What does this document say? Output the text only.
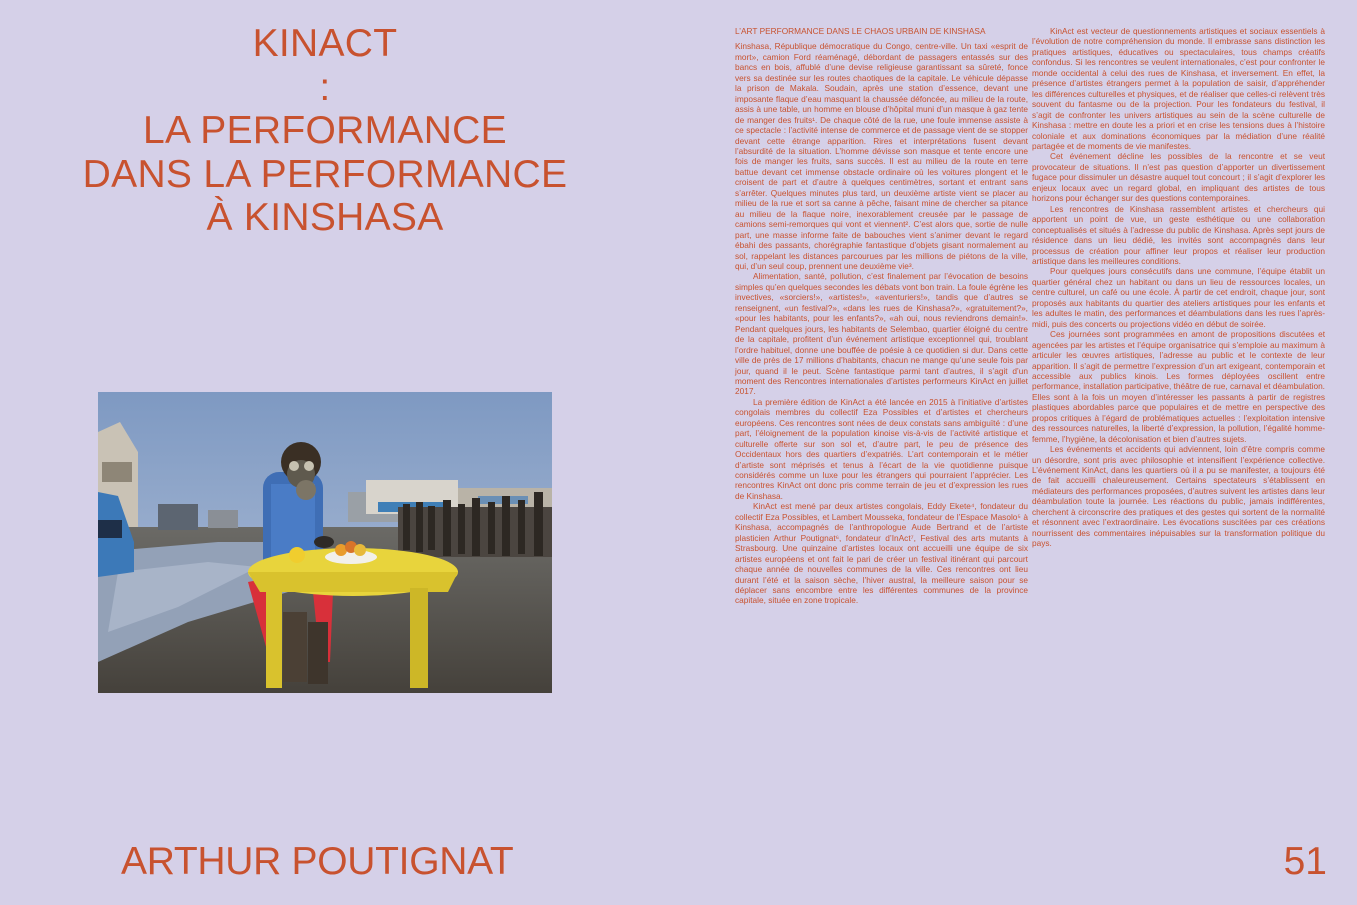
KINACT
:
LA PERFORMANCE
DANS LA PERFORMANCE
À KINSHASA
L’ART PERFORMANCE DANS LE CHAOS URBAIN DE KINSHASA

Kinshasa, République démocratique du Congo, centre-ville. Un taxi «esprit de mort», camion Ford réaménagé, débordant de passagers entassés sur des bancs en bois, affublé d’une devise religieuse garantissant sa sûreté, fonce vers sa destinée sur les routes chaotiques de la capitale. Le véhicule dépasse la prison de Makala. Soudain, après une station d’essence, devant une imposante flaque d’eau masquant la chaussée défoncée, au milieu de la route, assis à une table, un homme en blouse d’hôpital muni d’un masque à gaz tente de manger des fruits¹. De chaque côté de la rue, une foule immense assiste à ce spectacle : l’activité intense de commerce et de passage vient de se stopper devant cette étrange apparition. Rires et interprétations fusent devant l’absurdité de la situation. L’homme dévisse son masque et tente encore une fois de manger les fruits, sans succès. Il est au milieu de la route en terre battue devant cet immense obstacle ordinaire où les voitures plongent et le croisent de part et d’autre à quelques centimètres, sortant et entrant sans s’arrêter. Quelques minutes plus tard, un deuxième artiste vient se placer au milieu de la rue et sort sa canne à pêche, faisant mine de chercher sa pitance au milieu de la flaque noire, inexorablement creusée par le passage de camions semi-remorques qui vont et viennent². C’est alors que, sortie de nulle part, une masse informe faite de babouches vient s’animer devant le regard ébahi des passants, chorégraphie fantastique d’objets gisant normalement au sol, rappelant les distances parcourues par les millions de piétons de la ville, qui, d’un seul coup, prennent une deuxième vie³.

Alimentation, santé, pollution, c’est finalement par l’évocation de besoins simples qu’en quelques secondes les débats vont bon train. La foule égrène les invectives, «sorciers!», «artistes!», «aventuriers!», tandis que d’autres se renseignent, «un festival?», «dans les rues de Kinshasa?», «gratuitement?», «pour les habitants, pour les enfants?», «ah oui, nous reviendrons demain!». Pendant quelques jours, les habitants de Selembao, quartier éloigné du centre de la capitale, profitent d’un événement artistique exceptionnel qui, troublant l’ordre habituel, donne une bouffée de poésie à ce quotidien si dur. Dans cette ville de près de 17 millions d’habitants, chacun ne mange qu’une seule fois par jour, quand il le peut. Scène fantastique parmi tant d’autres, il s’agit d’un moment des Rencontres internationales d’artistes performeurs KinAct en juillet 2017.

La première édition de KinAct a été lancée en 2015 à l’initiative d’artistes congolais membres du collectif Eza Possibles et d’artistes et chercheurs européens. Ces rencontres sont nées de deux constats sans ambiguïté : d’une part, l’éloignement de la population kinoise vis-à-vis de l’activité artistique et culturelle offerte sur son sol et, d’autre part, le peu de présence des Occidentaux hors des quartiers d’expatriés. L’art contemporain et le métier d’artiste sont méprisés et tenus à l’écart de la vie quotidienne puisque considérés comme un luxe pour les étrangers qui pourraient l’apprécier. Les rencontres KinAct ont donc pris comme terrain de jeu et d’expression les rues de Kinshasa.

KinAct est mené par deux artistes congolais, Eddy Ekete⁴, fondateur du collectif Eza Possibles, et Lambert Mousseka, fondateur de l’Espace Masolo⁵ à Kinshasa, accompagnés de l’anthropologue Aude Bertrand et de l’artiste plasticien Arthur Poutignat⁶, fondateur d’InAct⁷, Festival des arts mutants à Strasbourg. Une quinzaine d’artistes locaux ont accueilli une équipe de six artistes européens et ont fait le pari de créer un festival itinérant qui parcourt chaque année de nouvelles communes de la ville. Ces rencontres ont lieu durant l’été et la saison sèche, l’hiver austral, la meilleure saison pour se déplacer sans encombre entre les différentes communes de la province capitale, située en zone tropicale.

KinAct est vecteur de questionnements artistiques et sociaux essentiels à l’évolution de notre compréhension du monde. Il embrasse sans distinction les pratiques artistiques, éducatives ou spectaculaires, tous champs créatifs confondus. Si les rencontres se veulent internationales, c’est pour confronter le monde occidental à celui des rues de Kinshasa, et inversement. En effet, la présence d’artistes étrangers permet à la population de saisir, d’appréhender les différences culturelles et physiques, et de réaliser que celles-ci relèvent très souvent du fantasme ou de la projection. Pour les fondateurs du festival, il s’agit de confronter les univers artistiques au sein de la scène culturelle de Kinshasa : mettre en doute les a priori et en crise les tensions dues à l’histoire coloniale et aux dominations économiques par la médiation d’une réalité partagée et de moments de vie manifestes.

Cet événement décline les possibles de la rencontre et se veut provocateur de situations. Il n’est pas question d’apporter un divertissement fugace pour dissimuler un désastre auquel tout concourt ; il s’agit d’explorer les enjeux locaux avec un regard global, en impliquant des artistes de tous horizons pour échanger sur des questions contemporaines.

Les rencontres de Kinshasa rassemblent artistes et chercheurs qui apportent un point de vue, un geste esthétique ou une collaboration conceptualisés et situés à l’adresse du public de Kinshasa. Après sept jours de résidence dans un lieu dédié, les invités sont accompagnés dans leur processus de création pour affiner leur propos et réaliser leur production artistique dans les meilleures conditions.

Pour quelques jours consécutifs dans une commune, l’équipe établit un quartier général chez un habitant ou dans un lieu de ressources locales, un centre culturel, un café ou une école. À partir de cet endroit, chaque jour, sont proposés aux habitants du quartier des ateliers artistiques pour les enfants et les adultes le matin, des performances et déambulations dans les rues l’après-midi, puis des concerts ou projections vidéo en début de soirée.

Ces journées sont programmées en amont de propositions discutées et agencées par les artistes et l’équipe organisatrice qui s’emploie au maximum à articuler les œuvres artistiques, l’adresse au public et le contexte de leur apparition. Il s’agit de permettre l’expression d’un art exigeant, contemporain et accessible aux publics kinois. Les formes déployées oscillent entre performance, installation participative, théâtre de rue, carnaval et déambulation. Elles sont à la fois un moyen d’intéresser les passants à partir de registres plastiques abordables parce que populaires et de mettre en perspective des propos critiques à l’égard de problématiques actuelles : l’exploitation intensive des ressources naturelles, la liberté d’expression, la pollution, l’égalité homme-femme, l’hygiène, la décolonisation et bien d’autres sujets.

Les événements et accidents qui adviennent, loin d’être compris comme un désordre, sont pris avec philosophie et intensifient l’expérience collective. L’événement KinAct, dans les quartiers où il a pu se manifester, a toujours été de fait accueilli chaleureusement. Certains spectateurs s’établissent en médiateurs des performances proposées, d’autres suivent les artistes dans leur déambulation toute la journée. Les réactions du public, jamais indifférentes, cherchent à circonscrire des pratiques et des gestes qui sortent de la normalité et résonnent avec l’extraordinaire. Les évocations suscitées par ces créations nourrissent des commentaires inépuisables sur la transformation politique du pays.

ARTHUR POUTIGNAT	51
